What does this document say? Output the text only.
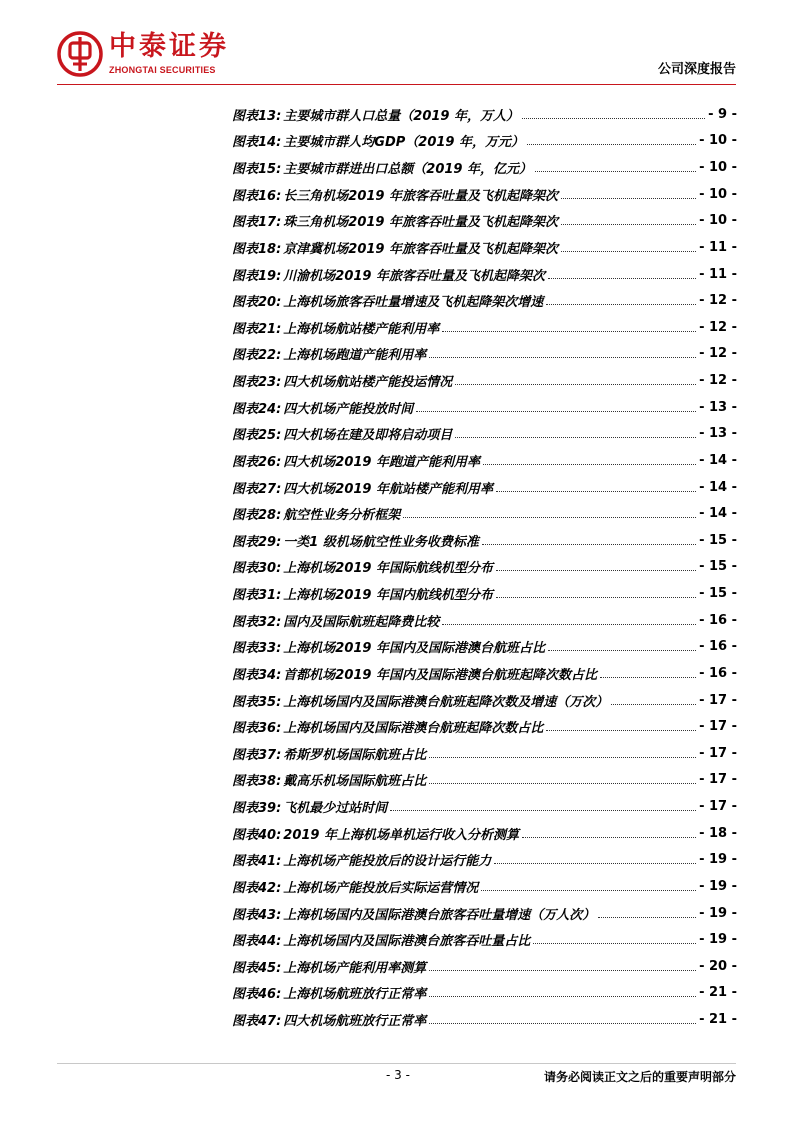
中泰证券
ZHONGTAI SECURITIES	公司深度报告
图表13: 主要城市群人口总量（2019 年，万人）	- 9 -
图表14: 主要城市群人均GDP（2019 年，万元）	- 10 -
图表15: 主要城市群进出口总额（2019 年，亿元）	- 10 -
图表16: 长三角机场2019 年旅客吞吐量及飞机起降架次	- 10 -
图表17: 珠三角机场2019 年旅客吞吐量及飞机起降架次	- 10 -
图表18: 京津冀机场2019 年旅客吞吐量及飞机起降架次	- 11 -
图表19: 川渝机场2019 年旅客吞吐量及飞机起降架次	- 11 -
图表20: 上海机场旅客吞吐量增速及飞机起降架次增速	- 12 -
图表21: 上海机场航站楼产能利用率	- 12 -
图表22: 上海机场跑道产能利用率	- 12 -
图表23: 四大机场航站楼产能投运情况	- 12 -
图表24: 四大机场产能投放时间	- 13 -
图表25: 四大机场在建及即将启动项目	- 13 -
图表26: 四大机场2019 年跑道产能利用率	- 14 -
图表27: 四大机场2019 年航站楼产能利用率	- 14 -
图表28: 航空性业务分析框架	- 14 -
图表29: 一类1 级机场航空性业务收费标准	- 15 -
图表30: 上海机场2019 年国际航线机型分布	- 15 -
图表31: 上海机场2019 年国内航线机型分布	- 15 -
图表32: 国内及国际航班起降费比较	- 16 -
图表33: 上海机场2019 年国内及国际港澳台航班占比	- 16 -
图表34: 首都机场2019 年国内及国际港澳台航班起降次数占比	- 16 -
图表35: 上海机场国内及国际港澳台航班起降次数及增速（万次）	- 17 -
图表36: 上海机场国内及国际港澳台航班起降次数占比	- 17 -
图表37: 希斯罗机场国际航班占比	- 17 -
图表38: 戴高乐机场国际航班占比	- 17 -
图表39: 飞机最少过站时间	- 17 -
图表40: 2019 年上海机场单机运行收入分析测算	- 18 -
图表41: 上海机场产能投放后的设计运行能力	- 19 -
图表42: 上海机场产能投放后实际运营情况	- 19 -
图表43: 上海机场国内及国际港澳台旅客吞吐量增速（万人次）	- 19 -
图表44: 上海机场国内及国际港澳台旅客吞吐量占比	- 19 -
图表45: 上海机场产能利用率测算	- 20 -
图表46: 上海机场航班放行正常率	- 21 -
图表47: 四大机场航班放行正常率	- 21 -
- 3 -	请务必阅读正文之后的重要声明部分
